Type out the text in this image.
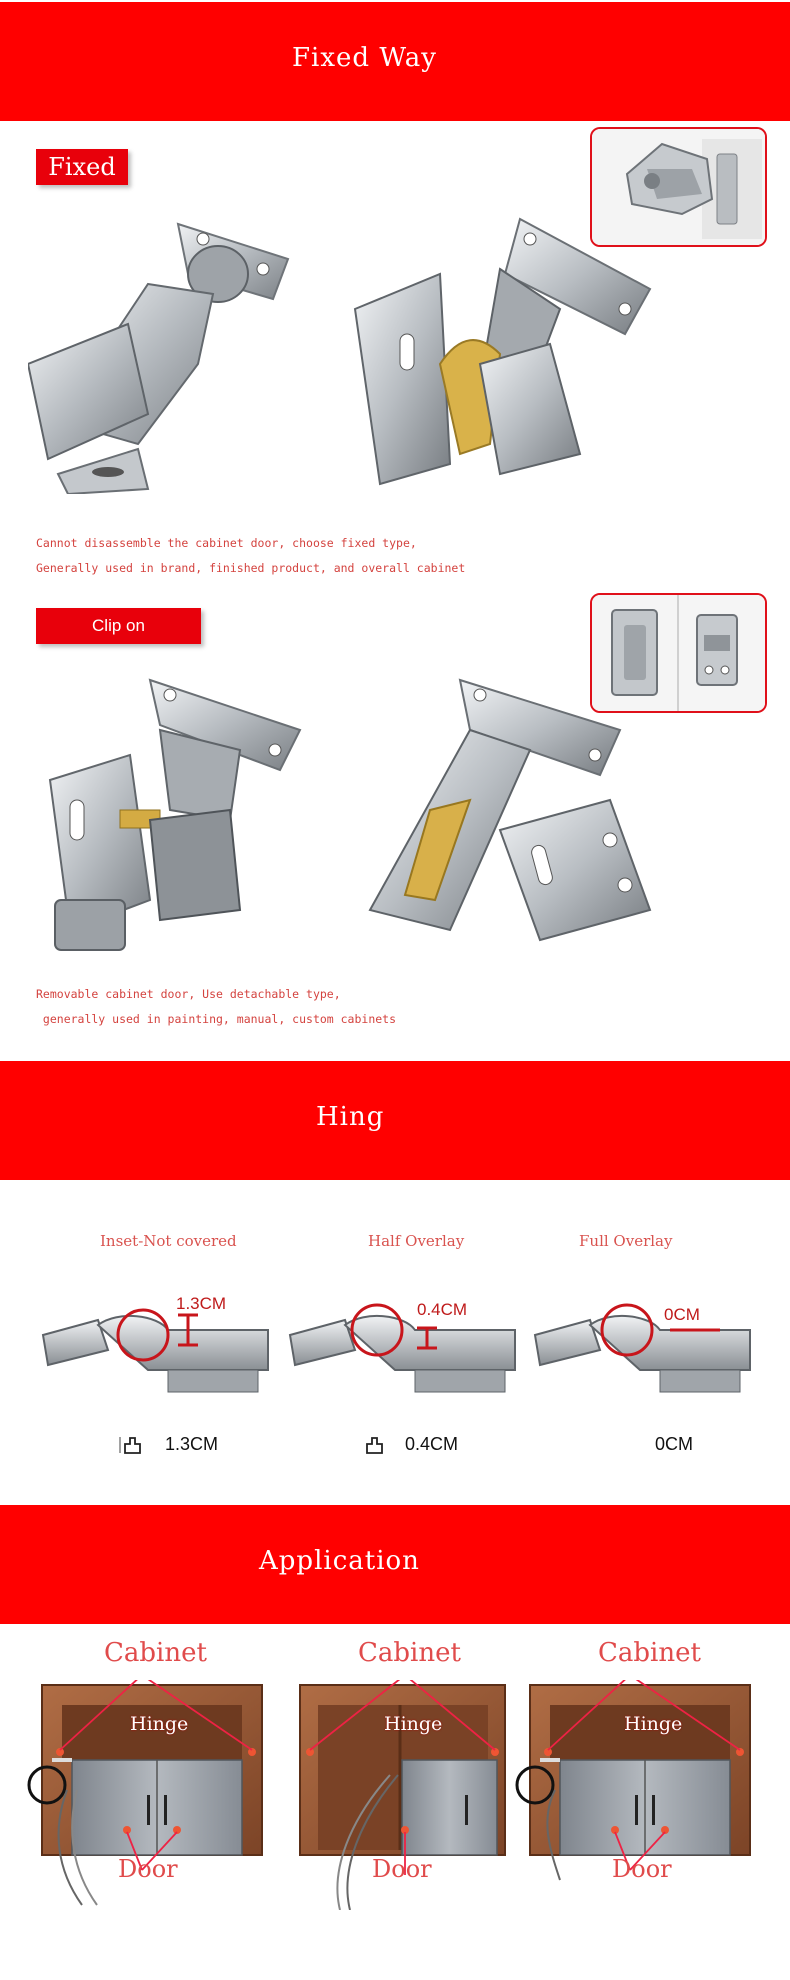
Fixed Way
Fixed
Cannot disassemble the cabinet door, choose fixed type,
Generally used in brand, finished product, and overall cabinet
Clip on
Removable cabinet door, Use detachable type,
generally used in painting, manual, custom cabinets
Hing
Inset-Not covered	Half Overlay	Full Overlay
1.3CM	0.4CM	0CM
1.3CM	0.4CM	0CM
Application
Cabinet
Hinge
Door
Cabinet
Hinge
Door
Cabinet
Hinge
Door
